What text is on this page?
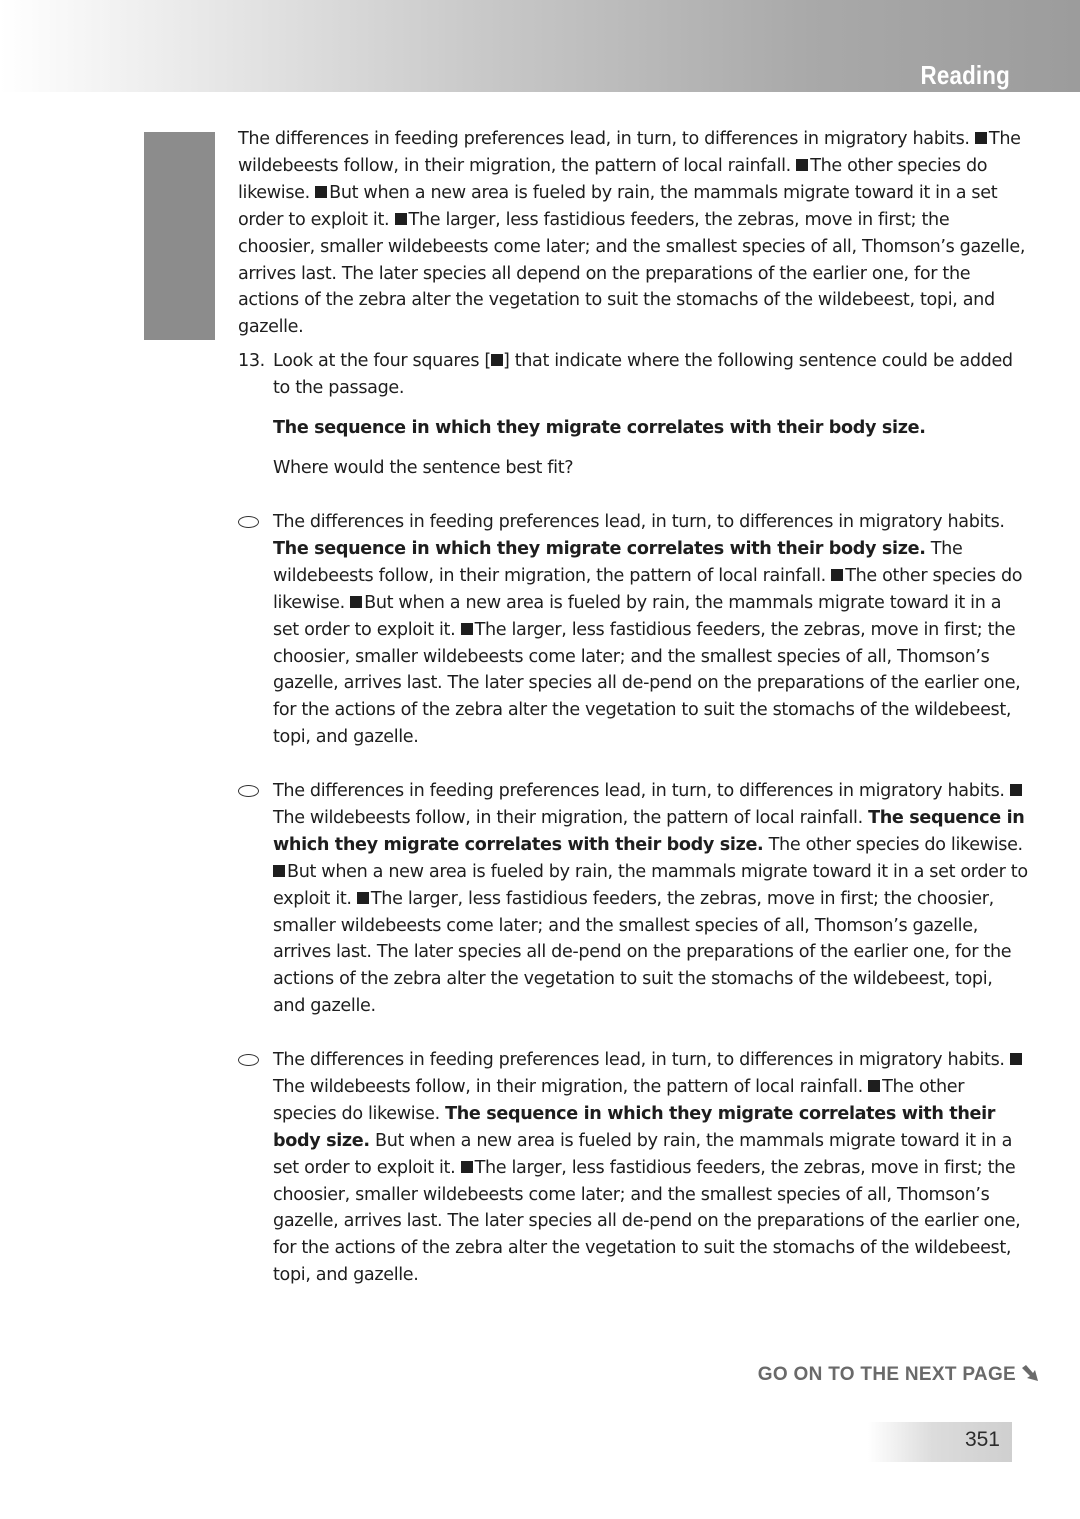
Reading

The differences in feeding preferences lead, in turn, to differences in migratory habits. The wildebeests follow, in their migration, the pattern of local rainfall. The other species do likewise. But when a new area is fueled by rain, the mammals migrate toward it in a set order to exploit it. The larger, less fastidious feeders, the zebras, move in first; the choosier, smaller wildebeests come later; and the smallest species of all, Thomson’s gazelle, arrives last. The later species all depend on the preparations of the earlier one, for the actions of the zebra alter the vegetation to suit the stomachs of the wildebeest, topi, and gazelle.

13. Look at the four squares [ ] that indicate where the following sentence could be added to the passage.
The sequence in which they migrate correlates with their body size.
Where would the sentence best fit?
The differences in feeding preferences lead, in turn, to differences in migratory habits. The sequence in which they migrate correlates with their body size. The wildebeests follow, in their migration, the pattern of local rainfall. The other species do likewise. But when a new area is fueled by rain, the mammals migrate toward it in a set order to exploit it. The larger, less fastidious feeders, the zebras, move in first; the choosier, smaller wildebeests come later; and the smallest species of all, Thomson’s gazelle, arrives last. The later species all de-pend on the preparations of the earlier one, for the actions of the zebra alter the vegetation to suit the stomachs of the wildebeest, topi, and gazelle.
The differences in feeding preferences lead, in turn, to differences in migratory habits. The wildebeests follow, in their migration, the pattern of local rainfall. The sequence in which they migrate correlates with their body size. The other species do likewise. But when a new area is fueled by rain, the mammals migrate toward it in a set order to exploit it. The larger, less fastidious feeders, the zebras, move in first; the choosier, smaller wildebeests come later; and the smallest species of all, Thomson’s gazelle, arrives last. The later species all de-pend on the preparations of the earlier one, for the actions of the zebra alter the vegetation to suit the stomachs of the wildebeest, topi, and gazelle.
The differences in feeding preferences lead, in turn, to differences in migratory habits. The wildebeests follow, in their migration, the pattern of local rainfall. The other species do likewise. The sequence in which they migrate correlates with their body size. But when a new area is fueled by rain, the mammals migrate toward it in a set order to exploit it. The larger, less fastidious feeders, the zebras, move in first; the choosier, smaller wildebeests come later; and the smallest species of all, Thomson’s gazelle, arrives last. The later species all de-pend on the preparations of the earlier one, for the actions of the zebra alter the vegetation to suit the stomachs of the wildebeest, topi, and gazelle.
GO ON TO THE NEXT PAGE
351
